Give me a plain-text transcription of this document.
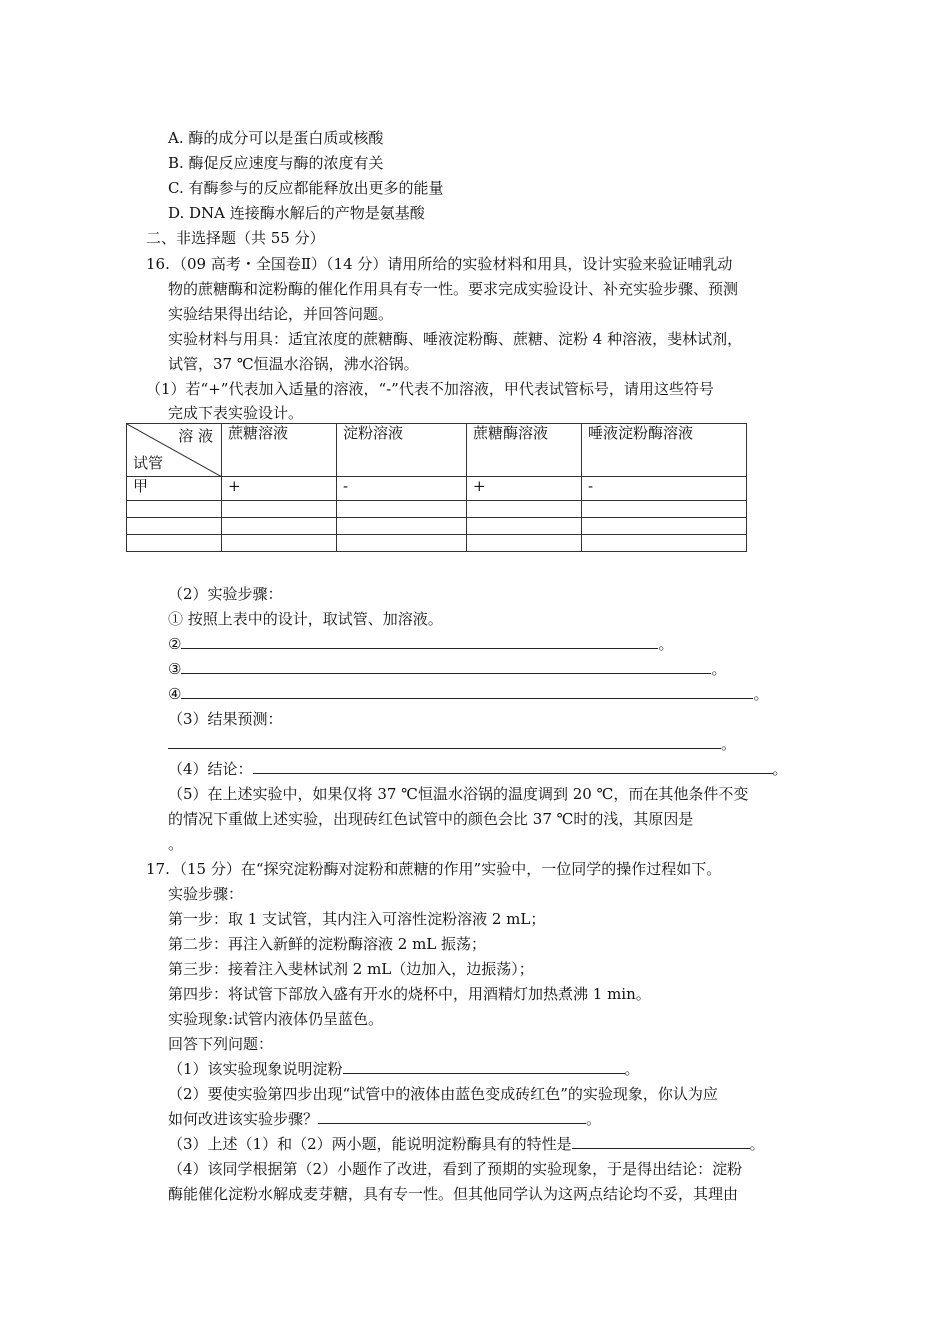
A. 酶的成分可以是蛋白质或核酸
B. 酶促反应速度与酶的浓度有关
C. 有酶参与的反应都能释放出更多的能量
D. DNA 连接酶水解后的产物是氨基酸
二、非选择题（共 55 分）
16. （09 高考・全国卷Ⅱ）（14 分）请用所给的实验材料和用具，设计实验来验证哺乳动
物的蔗糖酶和淀粉酶的催化作用具有专一性。要求完成实验设计、补充实验步骤、预测
实验结果得出结论，并回答问题。
实验材料与用具：适宜浓度的蔗糖酶、唾液淀粉酶、蔗糖、淀粉 4 种溶液，斐林试剂，
试管，37 ℃恒温水浴锅，沸水浴锅。
（1）若“+”代表加入适量的溶液，“-”代表不加溶液，甲代表试管标号，请用这些符号
完成下表实验设计。
溶 液
试管	蔗糖溶液	淀粉溶液	蔗糖酶溶液	唾液淀粉酶溶液
甲	+	-	+	-

（2）实验步骤：
① 按照上表中的设计，取试管、加溶液。
②	。
③	。
④	。
（3）结果预测：
。
（4）结论：	。
（5）在上述实验中，如果仅将 37 ℃恒温水浴锅的温度调到 20 ℃，而在其他条件不变
的情况下重做上述实验，出现砖红色试管中的颜色会比 37 ℃时的浅，其原因是
。
17. （15 分）在“探究淀粉酶对淀粉和蔗糖的作用”实验中，一位同学的操作过程如下。
实验步骤：
第一步：取 1 支试管，其内注入可溶性淀粉溶液 2 mL；
第二步：再注入新鲜的淀粉酶溶液 2 mL 振荡；
第三步：接着注入斐林试剂 2 mL（边加入，边振荡）；
第四步：将试管下部放入盛有开水的烧杯中，用酒精灯加热煮沸 1 min。
实验现象:试管内液体仍呈蓝色。
回答下列问题：
（1）该实验现象说明淀粉	。
（2）要使实验第四步出现“试管中的液体由蓝色变成砖红色”的实验现象，你认为应
如何改进该实验步骤？	。
（3）上述（1）和（2）两小题，能说明淀粉酶具有的特性是	。
（4）该同学根据第（2）小题作了改进，看到了预期的实验现象，于是得出结论：淀粉
酶能催化淀粉水解成麦芽糖，具有专一性。但其他同学认为这两点结论均不妥，其理由
